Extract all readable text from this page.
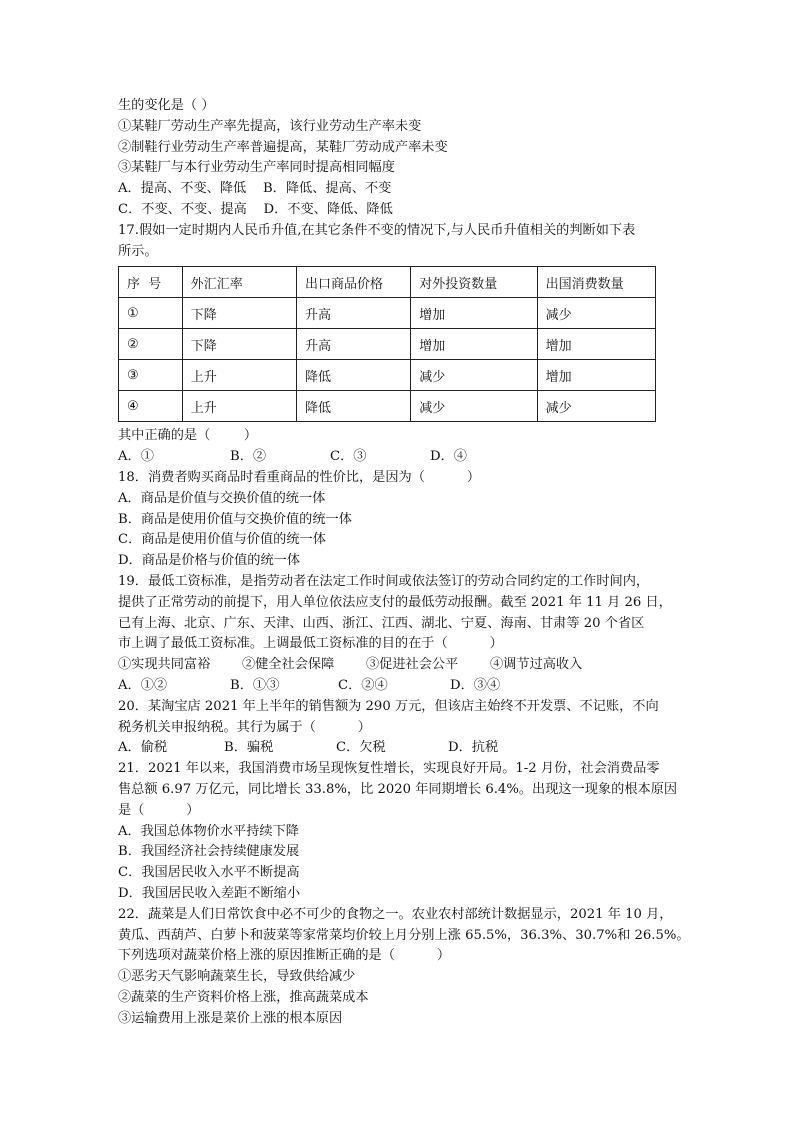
生的变化是（ ）
①某鞋厂劳动生产率先提高，该行业劳动生产率未变
②制鞋行业劳动生产率普遍提高，某鞋厂劳动成产率未变
③某鞋厂与本行业劳动生产率同时提高相同幅度
A．提高、不变、降低    B．降低、提高、不变
C．不变、不变、提高    D．不变、降低、降低
17.假如一定时期内人民币升值,在其它条件不变的情况下,与人民币升值相关的判断如下表
所示。
序  号	外汇汇率	出口商品价格	对外投资数量	出国消费数量
①	下降	升高	增加	减少
②	下降	升高	增加	增加
③	上升	降低	减少	增加
④	上升	降低	减少	减少
其中正确的是（        ）
A．①	B．②	C．③	D．④
18．消费者购买商品时看重商品的性价比，是因为（          ）
A．商品是价值与交换价值的统一体
B．商品是使用价值与交换价值的统一体
C．商品是使用价值与价值的统一体
D．商品是价格与价值的统一体
19．最低工资标准，是指劳动者在法定工作时间或依法签订的劳动合同约定的工作时间内，
提供了正常劳动的前提下，用人单位依法应支付的最低劳动报酬。截至 2021 年 11 月 26 日，
已有上海、北京、广东、天津、山西、浙江、江西、湖北、宁夏、海南、甘肃等 20 个省区
市上调了最低工资标准。上调最低工资标准的目的在于（          ）
①实现共同富裕	②健全社会保障	③促进社会公平	④调节过高收入
A．①②	B．①③	C．②④	D．③④
20．某淘宝店 2021 年上半年的销售额为 290 万元，但该店主始终不开发票、不记账，不向
税务机关申报纳税。其行为属于（          ）
A．偷税	B．骗税	C．欠税	D．抗税
21．2021 年以来，我国消费市场呈现恢复性增长，实现良好开局。1-2 月份，社会消费品零
售总额 6.97 万亿元，同比增长 33.8%，比 2020 年同期增长 6.4%。出现这一现象的根本原因
是（          ）
A．我国总体物价水平持续下降
B．我国经济社会持续健康发展
C．我国居民收入水平不断提高
D．我国居民收入差距不断缩小
22．蔬菜是人们日常饮食中必不可少的食物之一。农业农村部统计数据显示，2021 年 10 月，
黄瓜、西葫芦、白萝卜和菠菜等家常菜均价较上月分别上涨 65.5%，36.3%、30.7%和 26.5%。
下列选项对蔬菜价格上涨的原因推断正确的是（          ）
①恶劣天气影响蔬菜生长，导致供给减少
②蔬菜的生产资料价格上涨，推高蔬菜成本
③运输费用上涨是菜价上涨的根本原因
